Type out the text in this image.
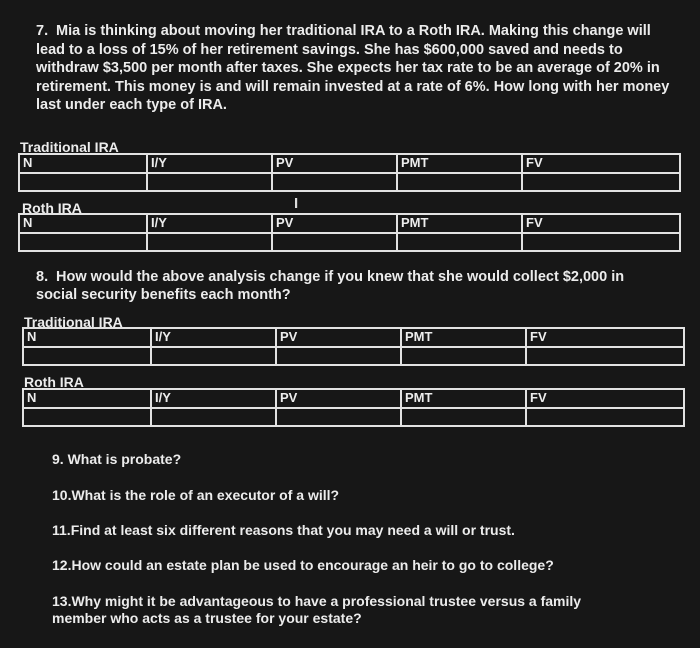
7. Mia is thinking about moving her traditional IRA to a Roth IRA. Making this change will lead to a loss of 15% of her retirement savings. She has $600,000 saved and needs to withdraw $3,500 per month after taxes. She expects her tax rate to be an average of 20% in retirement. This money is and will remain invested at a rate of 6%. How long with her money last under each type of IRA.

Traditional IRA
N	I/Y	PV	PMT	FV

Roth IRA	I
N	I/Y	PV	PMT	FV

8. How would the above analysis change if you knew that she would collect $2,000 in social security benefits each month?

Traditional IRA
N	I/Y	PV	PMT	FV

Roth IRA
N	I/Y	PV	PMT	FV

9. What is probate?

10.What is the role of an executor of a will?

11.Find at least six different reasons that you may need a will or trust.

12.How could an estate plan be used to encourage an heir to go to college?

13.Why might it be advantageous to have a professional trustee versus a family member who acts as a trustee for your estate?
